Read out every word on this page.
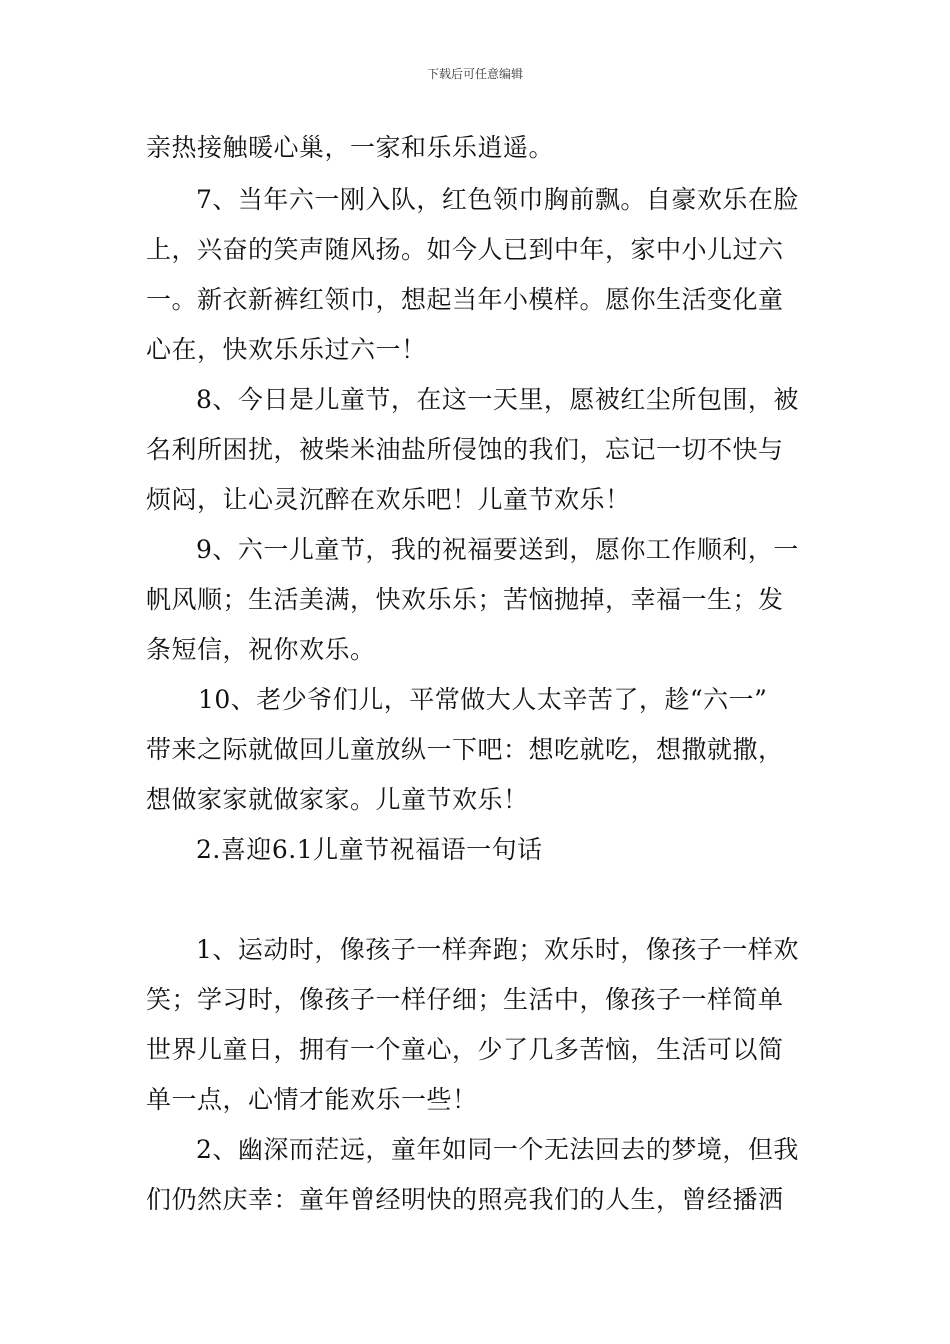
下载后可任意编辑
亲热接触暖心巢，一家和乐乐逍遥。
7、当年六一刚入队，红色领巾胸前飘。自豪欢乐在脸
上，兴奋的笑声随风扬。如今人已到中年，家中小儿过六
一。新衣新裤红领巾，想起当年小模样。愿你生活变化童
心在，快欢乐乐过六一！
8、今日是儿童节，在这一天里，愿被红尘所包围，被
名利所困扰，被柴米油盐所侵蚀的我们，忘记一切不快与
烦闷，让心灵沉醉在欢乐吧！儿童节欢乐！
9、六一儿童节，我的祝福要送到，愿你工作顺利，一
帆风顺；生活美满，快欢乐乐；苦恼抛掉，幸福一生；发
条短信，祝你欢乐。
10、老少爷们儿，平常做大人太辛苦了，趁“六一”
带来之际就做回儿童放纵一下吧：想吃就吃，想撒就撒，
想做家家就做家家。儿童节欢乐！
2.喜迎6.1儿童节祝福语一句话
1、运动时，像孩子一样奔跑；欢乐时，像孩子一样欢
笑；学习时，像孩子一样仔细；生活中，像孩子一样简单
世界儿童日，拥有一个童心，少了几多苦恼，生活可以简
单一点，心情才能欢乐一些！
2、幽深而茫远，童年如同一个无法回去的梦境，但我
们仍然庆幸：童年曾经明快的照亮我们的人生，曾经播洒
